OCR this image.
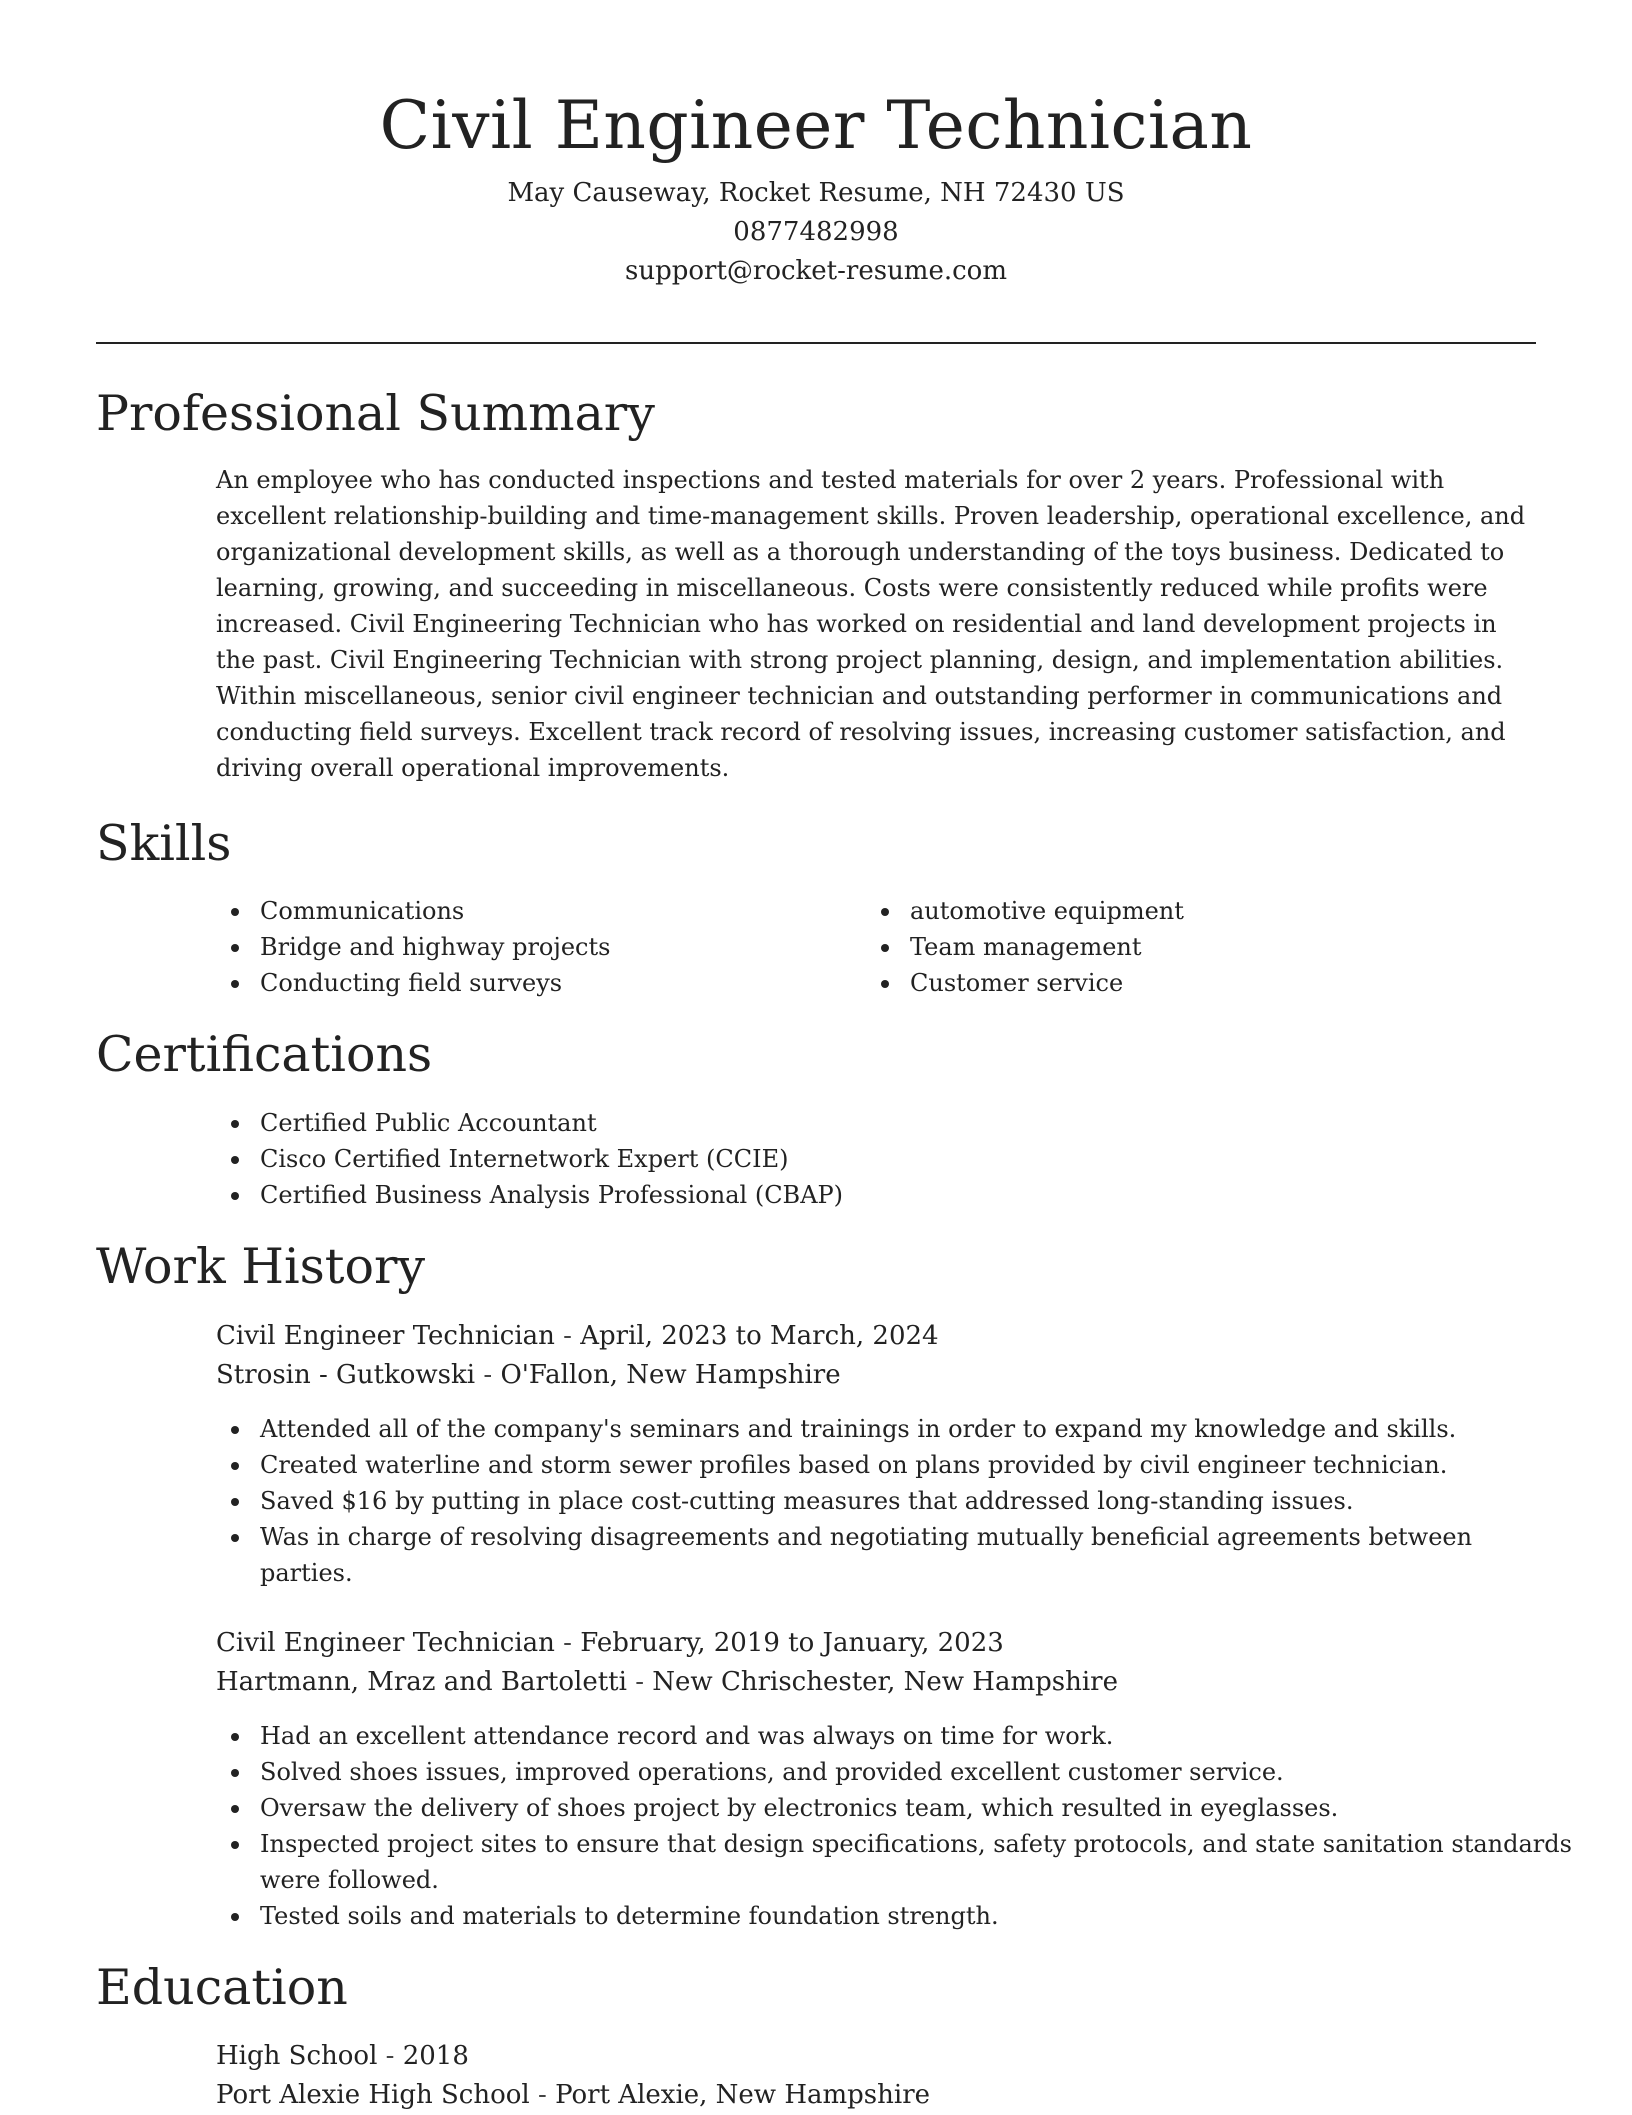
Civil Engineer Technician
May Causeway, Rocket Resume, NH 72430 US
0877482998
support@rocket-resume.com
Professional Summary

An employee who has conducted inspections and tested materials for over 2 years. Professional with excellent relationship-building and time-management skills. Proven leadership, operational excellence, and organizational development skills, as well as a thorough understanding of the toys business. Dedicated to learning, growing, and succeeding in miscellaneous. Costs were consistently reduced while profits were increased. Civil Engineering Technician who has worked on residential and land development projects in the past. Civil Engineering Technician with strong project planning, design, and implementation abilities. Within miscellaneous, senior civil engineer technician and outstanding performer in communications and conducting field surveys. Excellent track record of resolving issues, increasing customer satisfaction, and driving overall operational improvements.

Skills
Communications
Bridge and highway projects
Conducting field surveys
automotive equipment
Team management
Customer service
Certifications
Certified Public Accountant
Cisco Certified Internetwork Expert (CCIE)
Certified Business Analysis Professional (CBAP)
Work History
Civil Engineer Technician - April, 2023 to March, 2024
Strosin - Gutkowski - O'Fallon, New Hampshire
Attended all of the company's seminars and trainings in order to expand my knowledge and skills.
Created waterline and storm sewer profiles based on plans provided by civil engineer technician.
Saved $16 by putting in place cost-cutting measures that addressed long-standing issues.
Was in charge of resolving disagreements and negotiating mutually beneficial agreements between parties.
Civil Engineer Technician - February, 2019 to January, 2023
Hartmann, Mraz and Bartoletti - New Chrischester, New Hampshire
Had an excellent attendance record and was always on time for work.
Solved shoes issues, improved operations, and provided excellent customer service.
Oversaw the delivery of shoes project by electronics team, which resulted in eyeglasses.
Inspected project sites to ensure that design specifications, safety protocols, and state sanitation standards were followed.
Tested soils and materials to determine foundation strength.
Education
High School - 2018
Port Alexie High School - Port Alexie, New Hampshire
